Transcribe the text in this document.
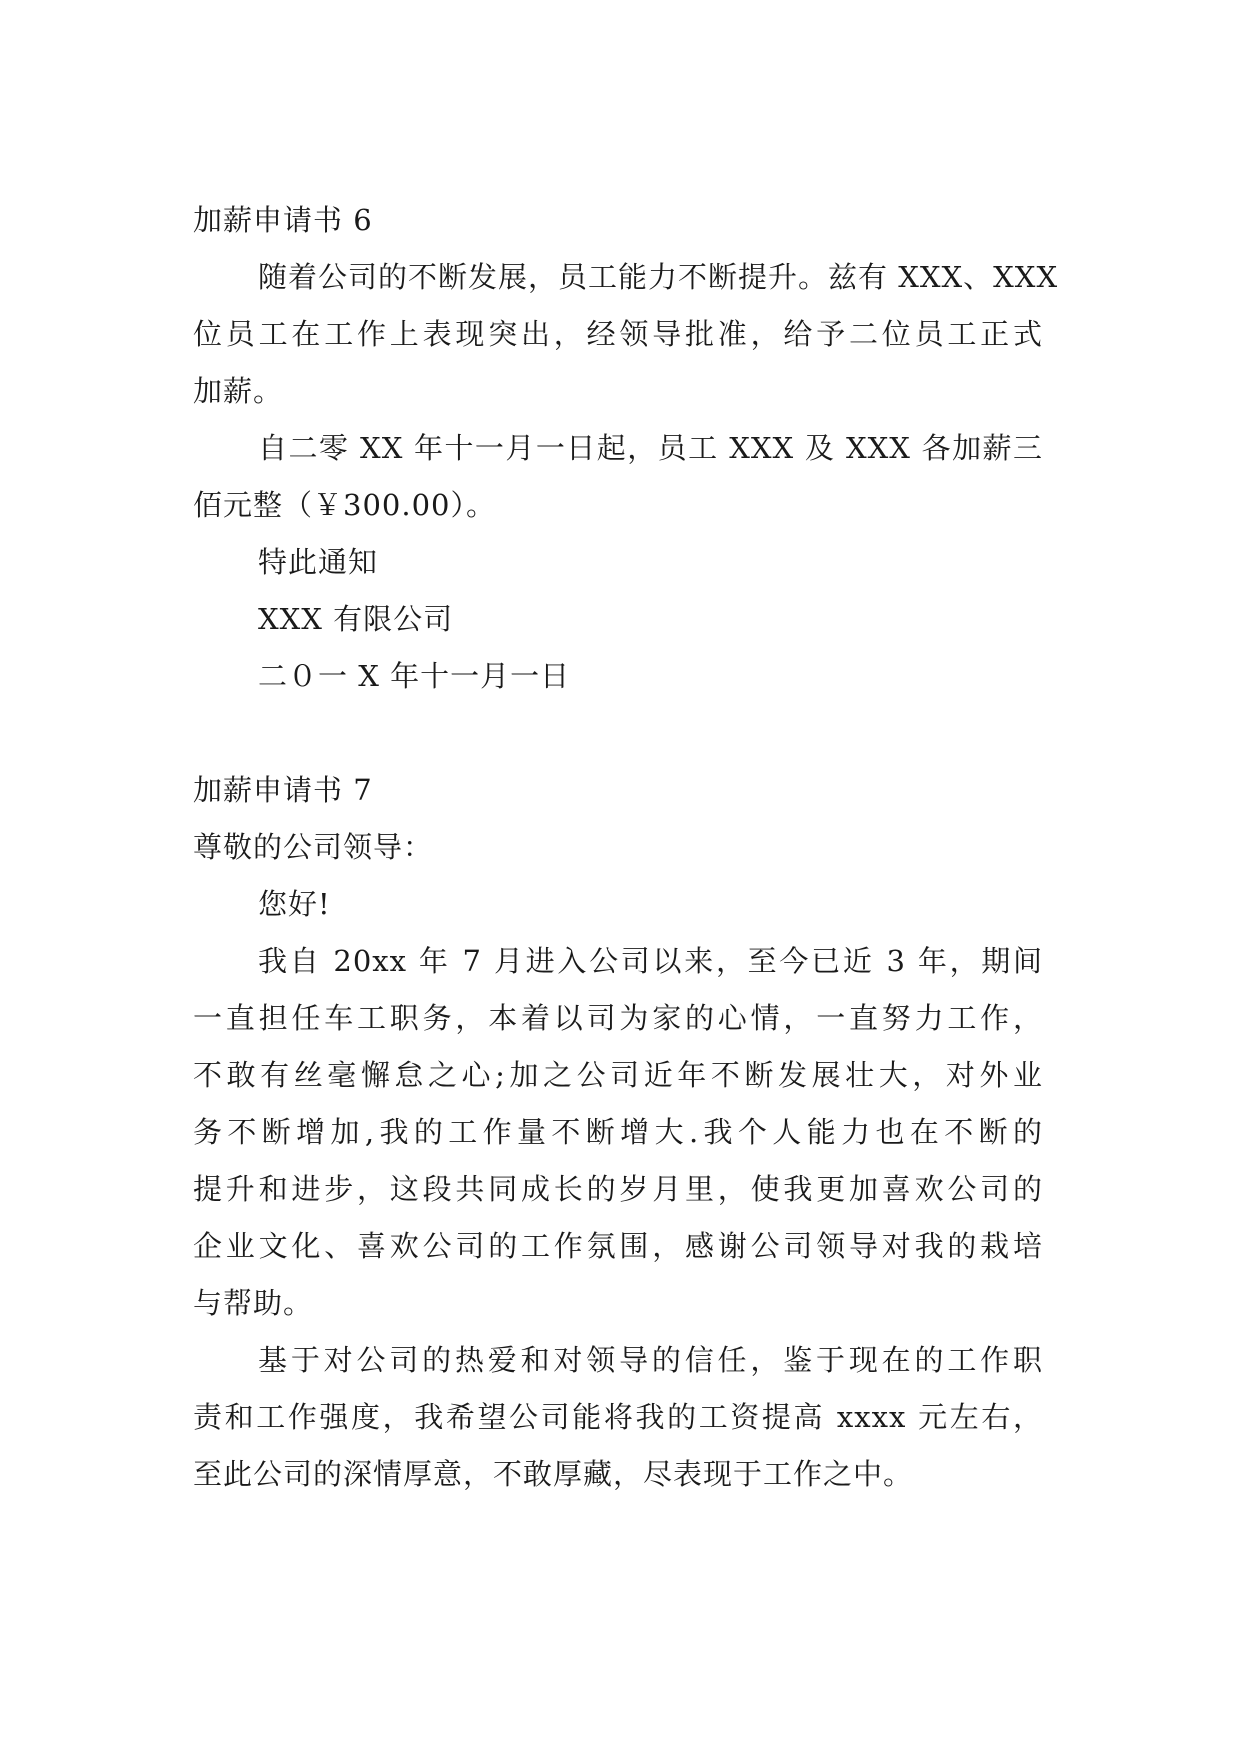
加薪申请书 6
随着公司的不断发展，员工能力不断提升。兹有 XXX、XXX
位员工在工作上表现突出，经领导批准，给予二位员工正式
加薪。
自二零 XX 年十一月一日起，员工 XXX 及 XXX 各加薪三
佰元整（￥300.00）。
特此通知
XXX 有限公司
二０一 X 年十一月一日
加薪申请书 7
尊敬的公司领导：
您好!
我自 20xx 年 7 月进入公司以来，至今已近 3 年，期间
一直担任车工职务，本着以司为家的心情，一直努力工作，
不敢有丝毫懈怠之心;加之公司近年不断发展壮大，对外业
务不断增加,我的工作量不断增大.我个人能力也在不断的
提升和进步，这段共同成长的岁月里，使我更加喜欢公司的
企业文化、喜欢公司的工作氛围，感谢公司领导对我的栽培
与帮助。
基于对公司的热爱和对领导的信任，鉴于现在的工作职
责和工作强度，我希望公司能将我的工资提高 xxxx 元左右，
至此公司的深情厚意，不敢厚藏，尽表现于工作之中。
